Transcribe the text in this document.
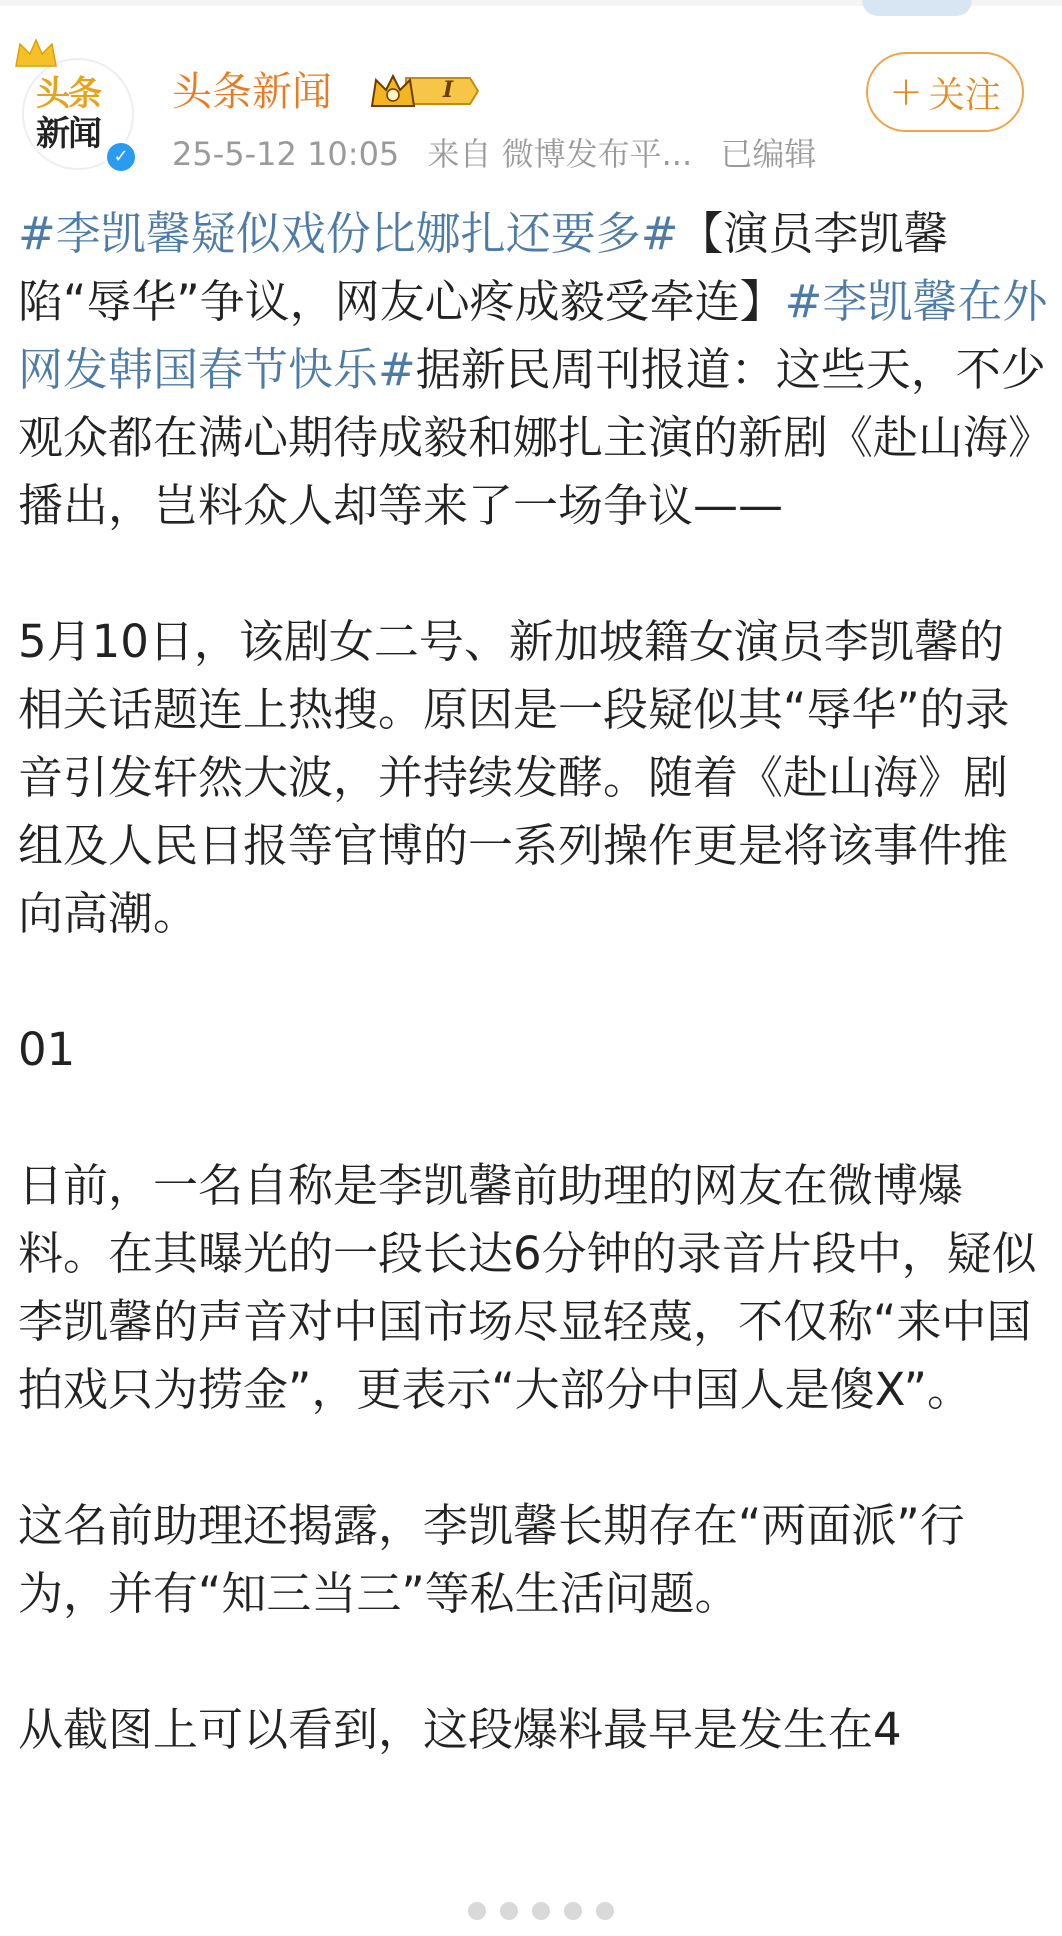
头条
新闻
✓
头条新闻	I
25-5-12 10:05 来自 微博发布平... 已编辑
+ 关注

#李凯馨疑似戏份比娜扎还要多#【演员李凯馨陷“辱华”争议，网友心疼成毅受牵连】#李凯馨在外网发韩国春节快乐#据新民周刊报道：这些天，不少观众都在满心期待成毅和娜扎主演的新剧《赴山海》播出，岂料众人却等来了一场争议——

5月10日，该剧女二号、新加坡籍女演员李凯馨的相关话题连上热搜。原因是一段疑似其“辱华”的录音引发轩然大波，并持续发酵。随着《赴山海》剧组及人民日报等官博的一系列操作更是将该事件推向高潮。

01

日前，一名自称是李凯馨前助理的网友在微博爆料。在其曝光的一段长达6分钟的录音片段中，疑似李凯馨的声音对中国市场尽显轻蔑，不仅称“来中国拍戏只为捞金”，更表示“大部分中国人是傻X”。

这名前助理还揭露，李凯馨长期存在“两面派”行为，并有“知三当三”等私生活问题。

从截图上可以看到，这段爆料最早是发生在4
